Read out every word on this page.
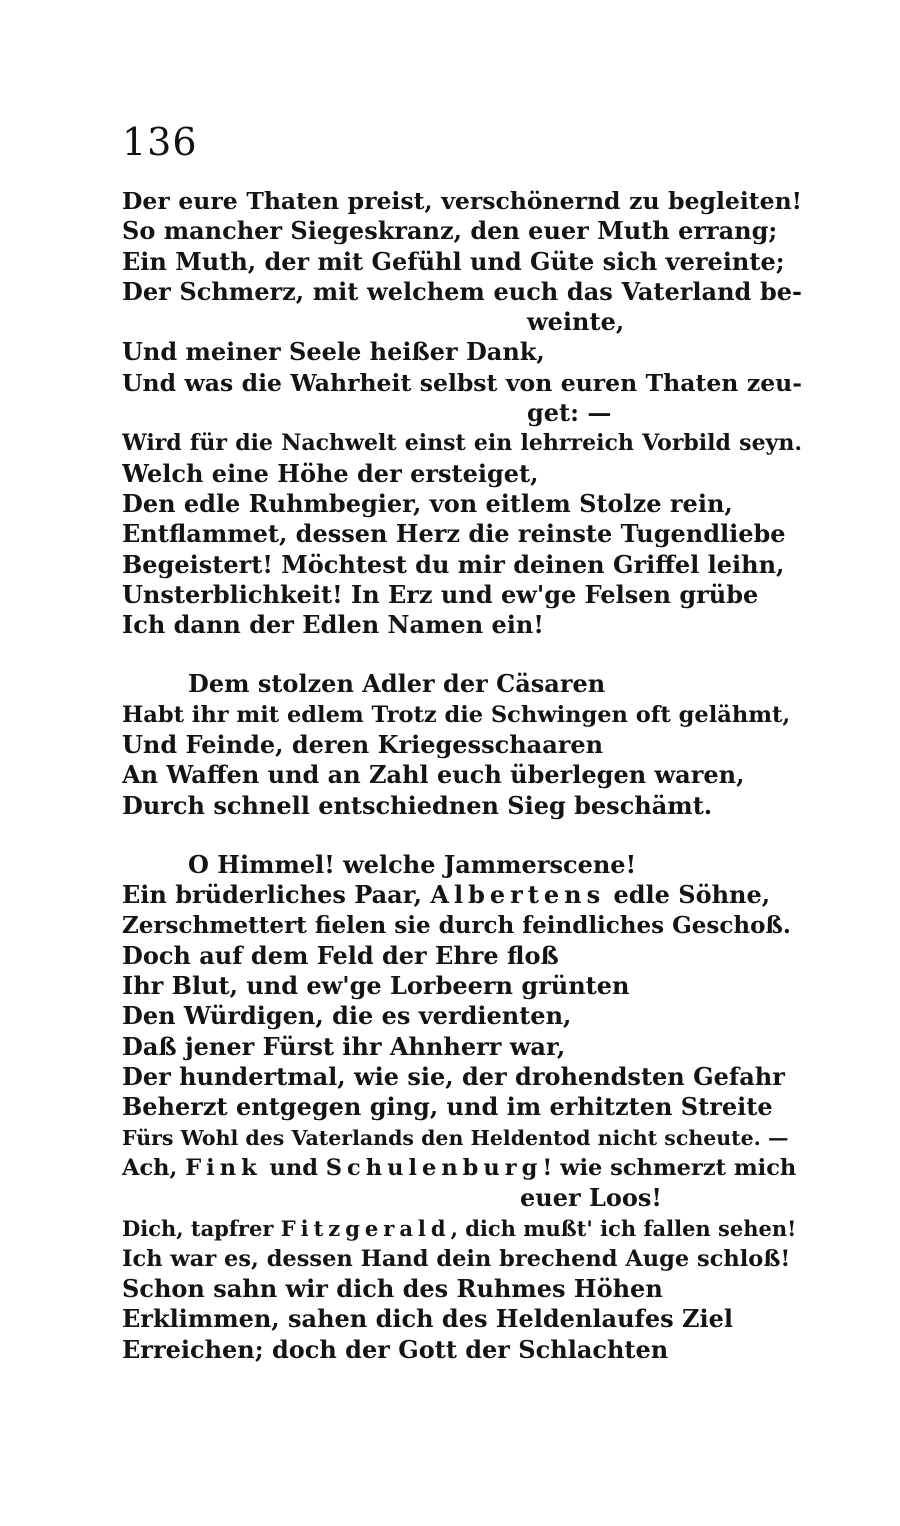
136
Der eure Thaten preist, verschönernd zu begleiten!
So mancher Siegeskranz, den euer Muth errang;
Ein Muth, der mit Gefühl und Güte sich vereinte;
Der Schmerz, mit welchem euch das Vaterland be-
weinte,
Und meiner Seele heißer Dank,
Und was die Wahrheit selbst von euren Thaten zeu-
get: —
Wird für die Nachwelt einst ein lehrreich Vorbild seyn.
Welch eine Höhe der ersteiget,
Den edle Ruhmbegier, von eitlem Stolze rein,
Entflammet, dessen Herz die reinste Tugendliebe
Begeistert! Möchtest du mir deinen Griffel leihn,
Unsterblichkeit! In Erz und ew'ge Felsen grübe
Ich dann der Edlen Namen ein!
Dem stolzen Adler der Cäsaren
Habt ihr mit edlem Trotz die Schwingen oft gelähmt,
Und Feinde, deren Kriegesschaaren
An Waffen und an Zahl euch überlegen waren,
Durch schnell entschiednen Sieg beschämt.
O Himmel! welche Jammerscene!
Ein brüderliches Paar, Albertens edle Söhne,
Zerschmettert fielen sie durch feindliches Geschoß.
Doch auf dem Feld der Ehre floß
Ihr Blut, und ew'ge Lorbeern grünten
Den Würdigen, die es verdienten,
Daß jener Fürst ihr Ahnherr war,
Der hundertmal, wie sie, der drohendsten Gefahr
Beherzt entgegen ging, und im erhitzten Streite
Fürs Wohl des Vaterlands den Heldentod nicht scheute. —
Ach, Fink und Schulenburg! wie schmerzt mich
euer Loos!
Dich, tapfrer Fitzgerald, dich mußt' ich fallen sehen!
Ich war es, dessen Hand dein brechend Auge schloß!
Schon sahn wir dich des Ruhmes Höhen
Erklimmen, sahen dich des Heldenlaufes Ziel
Erreichen; doch der Gott der Schlachten
